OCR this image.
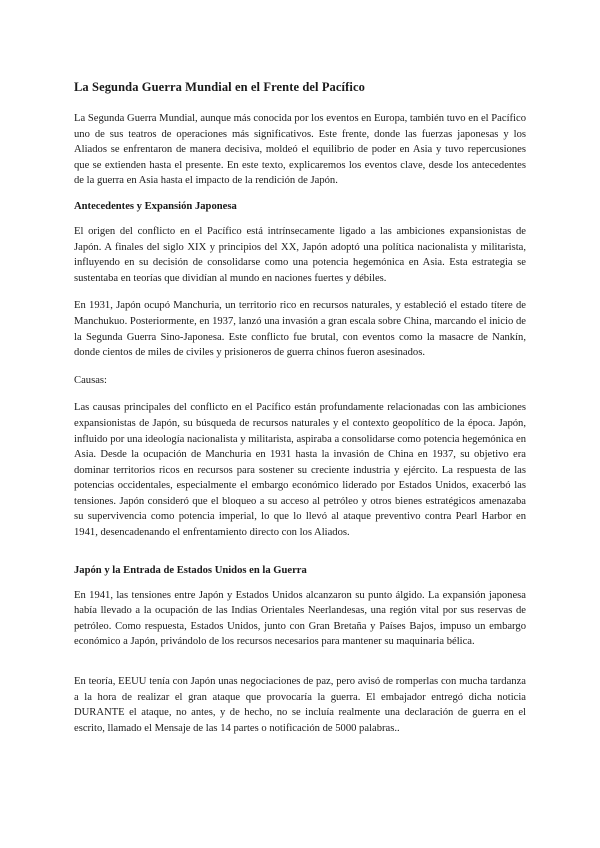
La Segunda Guerra Mundial en el Frente del Pacífico

La Segunda Guerra Mundial, aunque más conocida por los eventos en Europa, también tuvo en el Pacífico uno de sus teatros de operaciones más significativos. Este frente, donde las fuerzas japonesas y los Aliados se enfrentaron de manera decisiva, moldeó el equilibrio de poder en Asia y tuvo repercusiones que se extienden hasta el presente. En este texto, explicaremos los eventos clave, desde los antecedentes de la guerra en Asia hasta el impacto de la rendición de Japón.

Antecedentes y Expansión Japonesa

El origen del conflicto en el Pacífico está intrínsecamente ligado a las ambiciones expansionistas de Japón. A finales del siglo XIX y principios del XX, Japón adoptó una política nacionalista y militarista, influyendo en su decisión de consolidarse como una potencia hegemónica en Asia. Esta estrategia se sustentaba en teorías que dividían al mundo en naciones fuertes y débiles.

En 1931, Japón ocupó Manchuria, un territorio rico en recursos naturales, y estableció el estado títere de Manchukuo. Posteriormente, en 1937, lanzó una invasión a gran escala sobre China, marcando el inicio de la Segunda Guerra Sino-Japonesa. Este conflicto fue brutal, con eventos como la masacre de Nankín, donde cientos de miles de civiles y prisioneros de guerra chinos fueron asesinados.

Causas:

Las causas principales del conflicto en el Pacífico están profundamente relacionadas con las ambiciones expansionistas de Japón, su búsqueda de recursos naturales y el contexto geopolítico de la época. Japón, influido por una ideología nacionalista y militarista, aspiraba a consolidarse como potencia hegemónica en Asia. Desde la ocupación de Manchuria en 1931 hasta la invasión de China en 1937, su objetivo era dominar territorios ricos en recursos para sostener su creciente industria y ejército. La respuesta de las potencias occidentales, especialmente el embargo económico liderado por Estados Unidos, exacerbó las tensiones. Japón consideró que el bloqueo a su acceso al petróleo y otros bienes estratégicos amenazaba su supervivencia como potencia imperial, lo que lo llevó al ataque preventivo contra Pearl Harbor en 1941, desencadenando el enfrentamiento directo con los Aliados.

Japón y la Entrada de Estados Unidos en la Guerra

En 1941, las tensiones entre Japón y Estados Unidos alcanzaron su punto álgido. La expansión japonesa había llevado a la ocupación de las Indias Orientales Neerlandesas, una región vital por sus reservas de petróleo. Como respuesta, Estados Unidos, junto con Gran Bretaña y Países Bajos, impuso un embargo económico a Japón, privándolo de los recursos necesarios para mantener su maquinaria bélica.

En teoría, EEUU tenía con Japón unas negociaciones de paz, pero avisó de romperlas con mucha tardanza a la hora de realizar el gran ataque que provocaría la guerra. El embajador entregó dicha noticia DURANTE el ataque, no antes, y de hecho, no se incluía realmente una declaración de guerra en el escrito, llamado el Mensaje de las 14 partes o notificación de 5000 palabras..
